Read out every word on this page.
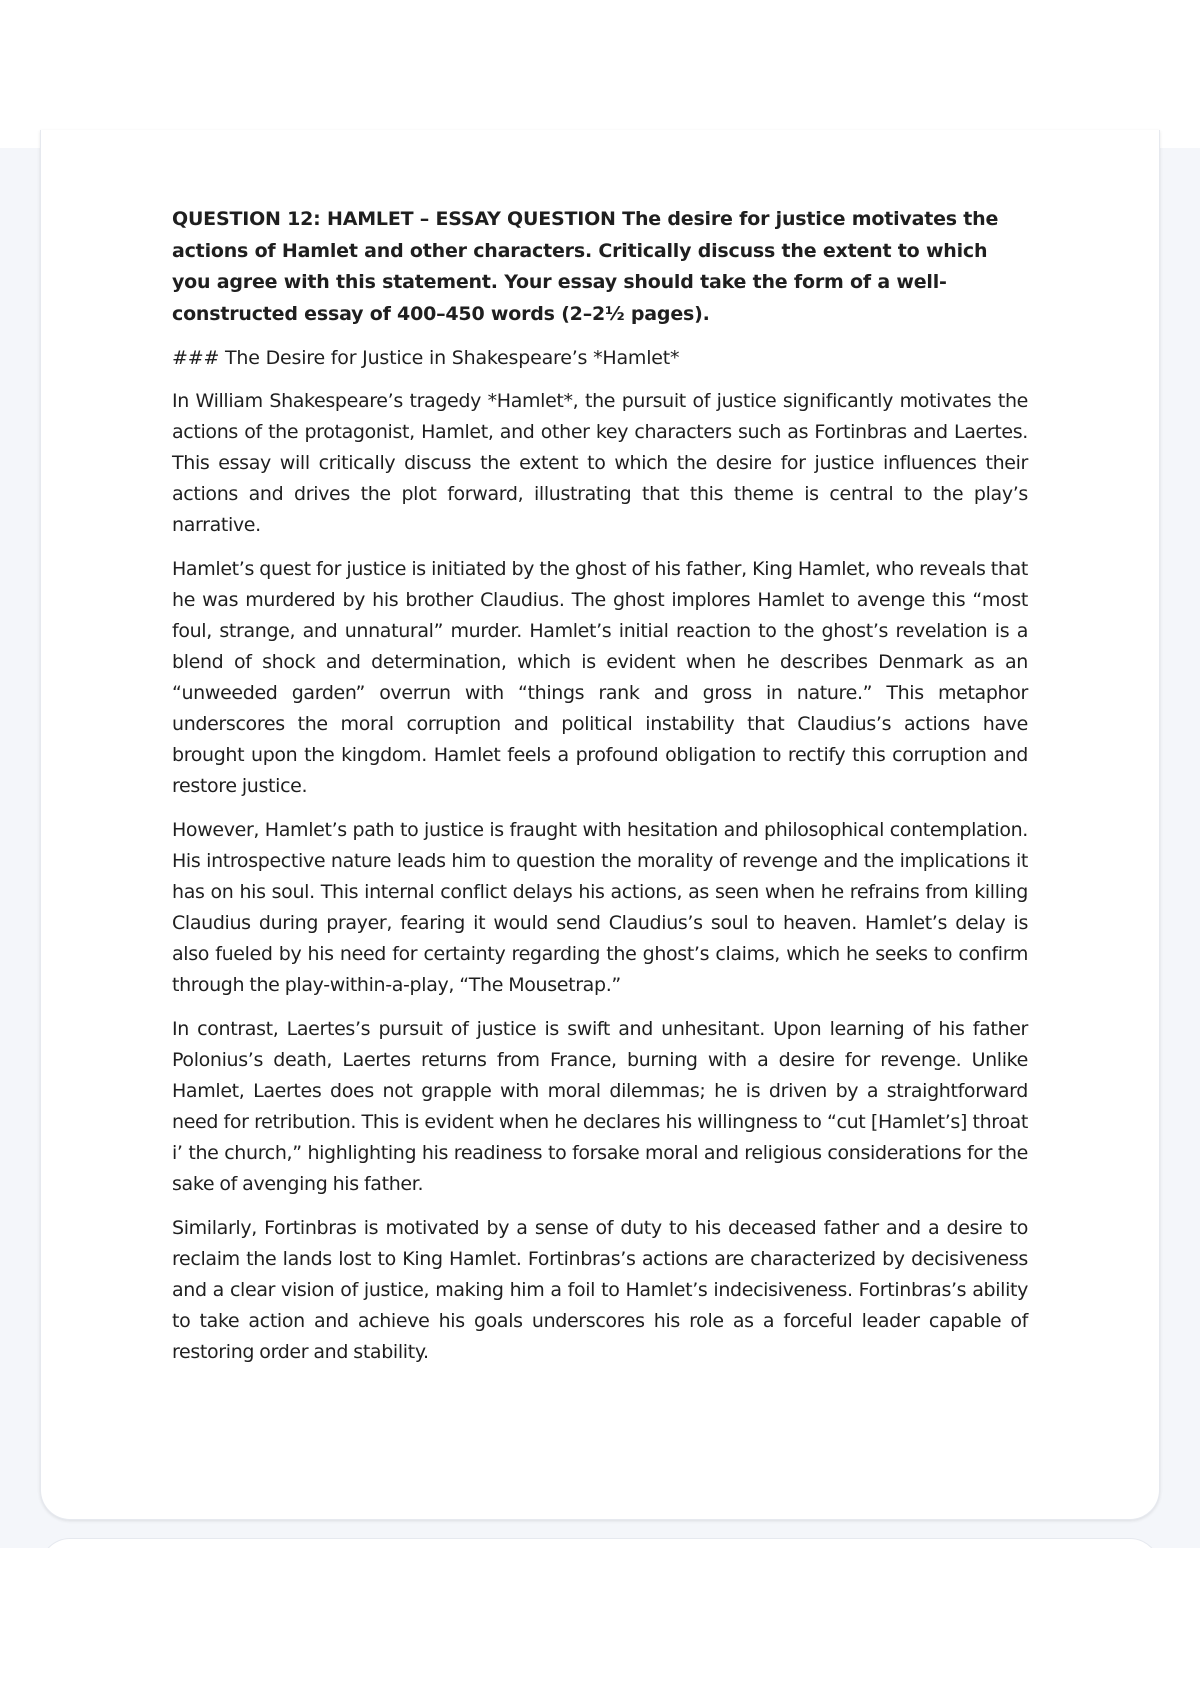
QUESTION 12: HAMLET – ESSAY QUESTION The desire for justice motivates the actions of Hamlet and other characters. Critically discuss the extent to which you agree with this statement. Your essay should take the form of a well-constructed essay of 400–450 words (2–2½ pages).

### The Desire for Justice in Shakespeare’s *Hamlet*

In William Shakespeare’s tragedy *Hamlet*, the pursuit of justice significantly motivates the actions of the protagonist, Hamlet, and other key characters such as Fortinbras and Laertes. This essay will critically discuss the extent to which the desire for justice influences their actions and drives the plot forward, illustrating that this theme is central to the play’s narrative.

Hamlet’s quest for justice is initiated by the ghost of his father, King Hamlet, who reveals that he was murdered by his brother Claudius. The ghost implores Hamlet to avenge this “most foul, strange, and unnatural” murder. Hamlet’s initial reaction to the ghost’s revelation is a blend of shock and determination, which is evident when he describes Denmark as an “unweeded garden” overrun with “things rank and gross in nature.” This metaphor underscores the moral corruption and political instability that Claudius’s actions have brought upon the kingdom. Hamlet feels a profound obligation to rectify this corruption and restore justice.

However, Hamlet’s path to justice is fraught with hesitation and philosophical contemplation. His introspective nature leads him to question the morality of revenge and the implications it has on his soul. This internal conflict delays his actions, as seen when he refrains from killing Claudius during prayer, fearing it would send Claudius’s soul to heaven. Hamlet’s delay is also fueled by his need for certainty regarding the ghost’s claims, which he seeks to confirm through the play-within-a-play, “The Mousetrap.”

In contrast, Laertes’s pursuit of justice is swift and unhesitant. Upon learning of his father Polonius’s death, Laertes returns from France, burning with a desire for revenge. Unlike Hamlet, Laertes does not grapple with moral dilemmas; he is driven by a straightforward need for retribution. This is evident when he declares his willingness to “cut [Hamlet’s] throat i’ the church,” highlighting his readiness to forsake moral and religious considerations for the sake of avenging his father.

Similarly, Fortinbras is motivated by a sense of duty to his deceased father and a desire to reclaim the lands lost to King Hamlet. Fortinbras’s actions are characterized by decisiveness and a clear vision of justice, making him a foil to Hamlet’s indecisiveness. Fortinbras’s ability to take action and achieve his goals underscores his role as a forceful leader capable of restoring order and stability.
